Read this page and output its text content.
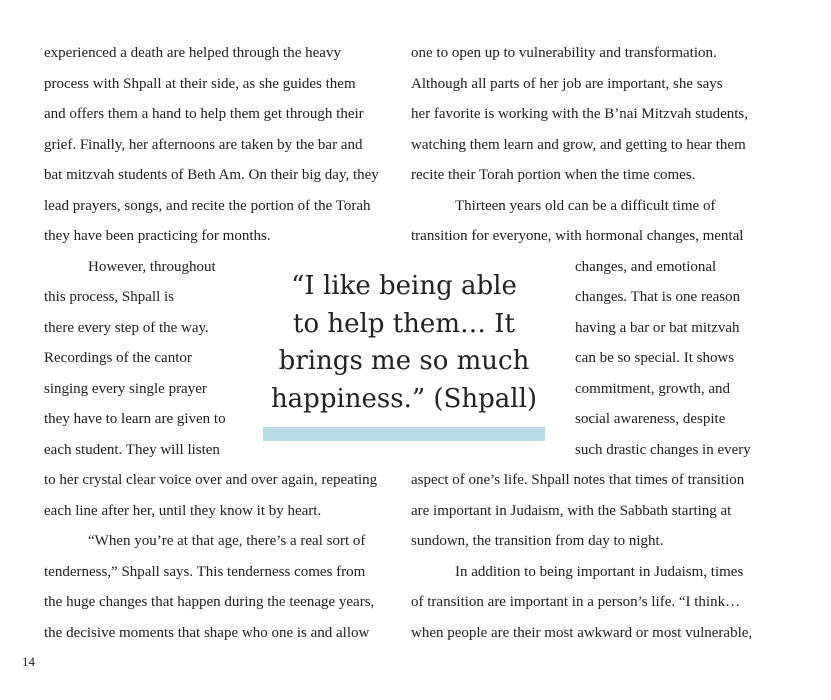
experienced a death are helped through the heavy
process with Shpall at their side, as she guides them
and offers them a hand to help them get through their
grief. Finally, her afternoons are taken by the bar and
bat mitzvah students of Beth Am. On their big day, they
lead prayers, songs, and recite the portion of the Torah
they have been practicing for months.
However, throughout
this process, Shpall is
there every step of the way.
Recordings of the cantor
singing every single prayer
they have to learn are given to
each student. They will listen
to her crystal clear voice over and over again, repeating
each line after her, until they know it by heart.
“When you’re at that age, there’s a real sort of
tenderness,” Shpall says. This tenderness comes from
the huge changes that happen during the teenage years,
the decisive moments that shape who one is and allow
one to open up to vulnerability and transformation.
Although all parts of her job are important, she says
her favorite is working with the B’nai Mitzvah students,
watching them learn and grow, and getting to hear them
recite their Torah portion when the time comes.
Thirteen years old can be a difficult time of
transition for everyone, with hormonal changes, mental
changes, and emotional
changes. That is one reason
having a bar or bat mitzvah
can be so special. It shows
commitment, growth, and
social awareness, despite
such drastic changes in every
aspect of one’s life. Shpall notes that times of transition
are important in Judaism, with the Sabbath starting at
sundown, the transition from day to night.
In addition to being important in Judaism, times
of transition are important in a person’s life. “I think…
when people are their most awkward or most vulnerable,
“I like being able
to help them… It
brings me so much
happiness.” (Shpall)
14
